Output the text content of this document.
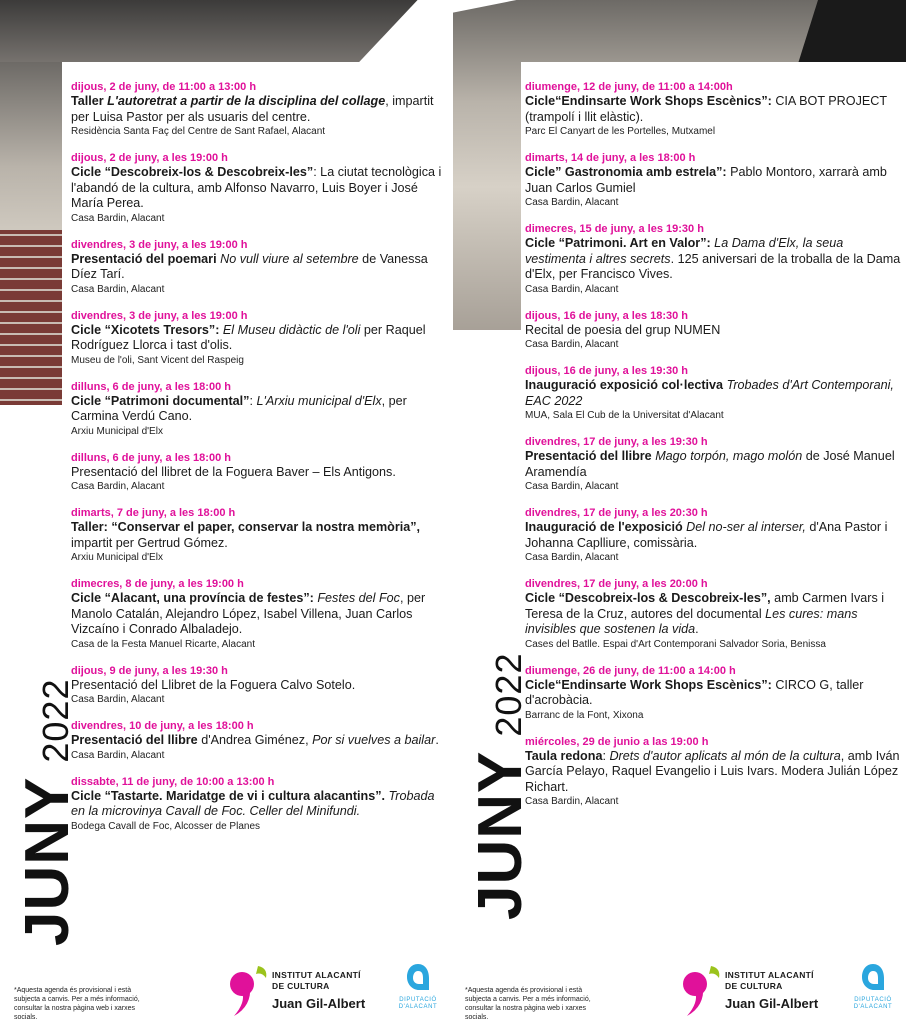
dijous, 2 de juny, de 11:00 a 13:00 h
Taller L'autoretrat a partir de la disciplina del collage, impartit per Luisa Pastor per als usuaris del centre.
Residència Santa Faç del Centre de Sant Rafael, Alacant
dijous, 2 de juny, a les 19:00 h
Cicle “Descobreix-los & Descobreix-les”: La ciutat tecnològica i l'abandó de la cultura, amb Alfonso Navarro, Luis Boyer i José María Perea.
Casa Bardin, Alacant
divendres, 3 de juny, a les 19:00 h
Presentació del poemari No vull viure al setembre de Vanessa Díez Tarí.
Casa Bardin, Alacant
divendres, 3 de juny, a les 19:00 h
Cicle “Xicotets Tresors”: El Museu didàctic de l'oli per Raquel Rodríguez Llorca i tast d'olis.
Museu de l'oli, Sant Vicent del Raspeig
dilluns, 6 de juny, a les 18:00 h
Cicle “Patrimoni documental”: L'Arxiu municipal d'Elx, per Carmina Verdú Cano.
Arxiu Municipal d'Elx
dilluns, 6 de juny, a les 18:00 h
Presentació del llibret de la Foguera Baver – Els Antigons.
Casa Bardin, Alacant
dimarts, 7 de juny, a les 18:00 h
Taller: “Conservar el paper, conservar la nostra memòria”, impartit per Gertrud Gómez.
Arxiu Municipal d'Elx
dimecres, 8 de juny, a les 19:00 h
Cicle “Alacant, una província de festes”: Festes del Foc, per Manolo Catalán, Alejandro López, Isabel Villena, Juan Carlos Vizcaíno i Conrado Albaladejo.
Casa de la Festa Manuel Ricarte, Alacant
dijous, 9 de juny, a les 19:30 h
Presentació del Llibret de la Foguera Calvo Sotelo.
Casa Bardin, Alacant
divendres, 10 de juny, a les 18:00 h
Presentació del llibre d'Andrea Giménez, Por si vuelves a bailar.
Casa Bardin, Alacant
dissabte, 11 de juny, de 10:00 a 13:00 h
Cicle “Tastarte. Maridatge de vi i cultura alacantins”. Trobada en la microvinya Cavall de Foc. Celler del Minifundi.
Bodega Cavall de Foc, Alcosser de Planes
JUNY2022
*Aquesta agenda és provisional i està subjecta a canvis. Per a més informació, consultar la nostra pàgina web i xarxes socials.
INSTITUT ALACANTÍ
DE CULTURA
Juan Gil-Albert	DIPUTACIÓ
D'ALACANT
diumenge, 12 de juny, de 11:00 a 14:00h
Cicle“Endinsarte Work Shops Escènics”: CIA BOT PROJECT (trampolí i llit elàstic).
Parc El Canyart de les Portelles, Mutxamel
dimarts, 14 de juny, a les 18:00 h
Cicle” Gastronomia amb estrela”: Pablo Montoro, xarrarà amb Juan Carlos Gumiel
Casa Bardin, Alacant
dimecres, 15 de juny, a les 19:30 h
Cicle “Patrimoni. Art en Valor”: La Dama d'Elx, la seua vestimenta i altres secrets. 125 aniversari de la troballa de la Dama d'Elx, per Francisco Vives.
Casa Bardin, Alacant
dijous, 16 de juny, a les 18:30 h
Recital de poesia del grup NUMEN
Casa Bardin, Alacant
dijous, 16 de juny, a les 19:30 h
Inauguració exposició col·lectiva Trobades d'Art Contemporani, EAC 2022
MUA, Sala El Cub de la Universitat d'Alacant
divendres, 17 de juny, a les 19:30 h
Presentació del llibre Mago torpón, mago molón de José Manuel Aramendía
Casa Bardin, Alacant
divendres, 17 de juny, a les 20:30 h
Inauguració de l'exposició Del no-ser al interser, d'Ana Pastor i Johanna Caplliure, comissària.
Casa Bardin, Alacant
divendres, 17 de juny, a les 20:00 h
Cicle “Descobreix-los & Descobreix-les”, amb Carmen Ivars i Teresa de la Cruz, autores del documental Les cures: mans invisibles que sostenen la vida.
Cases del Batlle. Espai d'Art Contemporani Salvador Soria, Benissa
diumenge, 26 de juny, de 11:00 a 14:00 h
Cicle“Endinsarte Work Shops Escènics”: CIRCO G, taller d'acrobàcia.
Barranc de la Font, Xixona
miércoles, 29 de junio a las 19:00 h
Taula redona: Drets d'autor aplicats al món de la cultura, amb Iván García Pelayo, Raquel Evangelio i Luis Ivars. Modera Julián López Richart.
Casa Bardin, Alacant
JUNY2022
*Aquesta agenda és provisional i està subjecta a canvis. Per a més informació, consultar la nostra pàgina web i xarxes socials.
INSTITUT ALACANTÍ
DE CULTURA
Juan Gil-Albert	DIPUTACIÓ
D'ALACANT
